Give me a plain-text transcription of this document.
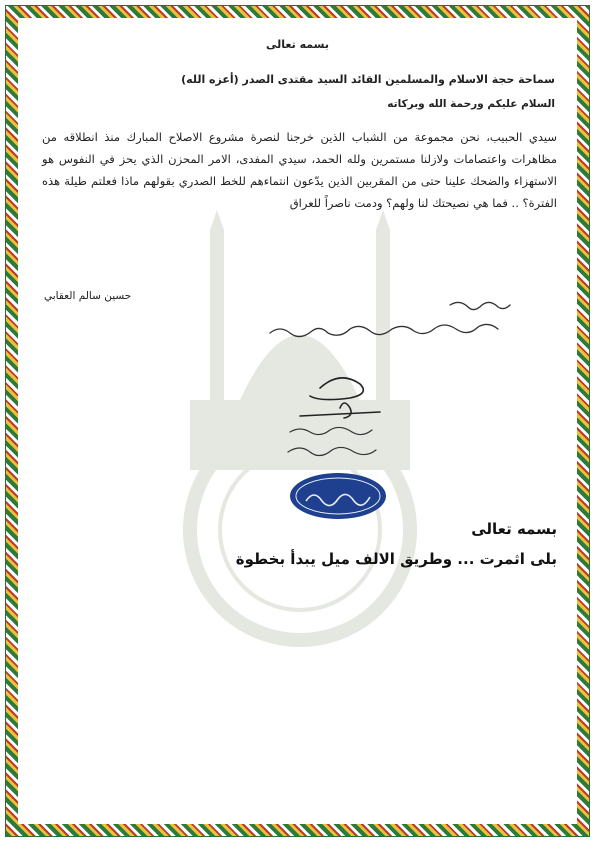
بسمه تعالى
سماحة حجة الاسلام والمسلمين القائد السيد مقتدى الصدر (أعزه الله)
السلام عليكم ورحمة الله وبركاته
سيدي الحبيب، نحن مجموعة من الشباب الذين خرجنا لنصرة مشروع الاصلاح المبارك منذ انطلاقه من مظاهرات واعتصامات ولازلنا مستمرين ولله الحمد، سيدي المفدى، الامر المحزن الذي يحز في النفوس هو الاستهزاء والضحك علينا حتى من المقربين الذين يدّعون انتماءهم للخط الصدري بقولهم ماذا فعلتم طيلة هذه الفترة؟ .. فما هي نصيحتك لنا ولهم؟ ودمت ناصراً للعراق
حسين سالم العقابي
بسمه تعالى
بلى اثمرت ... وطريق الالف ميل يبدأ بخطوة
